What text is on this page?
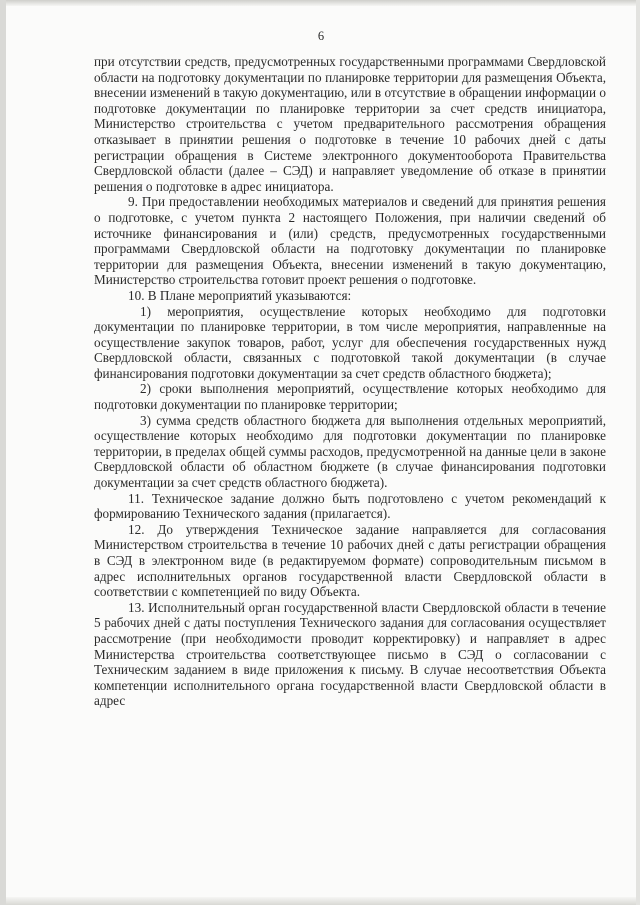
6

при отсутствии средств, предусмотренных государственными программами Свердловской области на подготовку документации по планировке территории для размещения Объекта, внесении изменений в такую документацию, или в отсутствие в обращении информации о подготовке документации по планировке территории за счет средств инициатора, Министерство строительства с учетом предварительного рассмотрения обращения отказывает в принятии решения о подготовке в течение 10 рабочих дней с даты регистрации обращения в Системе электронного документооборота Правительства Свердловской области (далее – СЭД) и направляет уведомление об отказе в принятии решения о подготовке в адрес инициатора.

9. При предоставлении необходимых материалов и сведений для принятия решения о подготовке, с учетом пункта 2 настоящего Положения, при наличии сведений об источнике финансирования и (или) средств, предусмотренных государственными программами Свердловской области на подготовку документации по планировке территории для размещения Объекта, внесении изменений в такую документацию, Министерство строительства готовит проект решения о подготовке.

10. В Плане мероприятий указываются:

1) мероприятия, осуществление которых необходимо для подготовки документации по планировке территории, в том числе мероприятия, направленные на осуществление закупок товаров, работ, услуг для обеспечения государственных нужд Свердловской области, связанных с подготовкой такой документации (в случае финансирования подготовки документации за счет средств областного бюджета);

2) сроки выполнения мероприятий, осуществление которых необходимо для подготовки документации по планировке территории;

3) сумма средств областного бюджета для выполнения отдельных мероприятий, осуществление которых необходимо для подготовки документации по планировке территории, в пределах общей суммы расходов, предусмотренной на данные цели в законе Свердловской области об областном бюджете (в случае финансирования подготовки документации за счет средств областного бюджета).

11. Техническое задание должно быть подготовлено с учетом рекомендаций к формированию Технического задания (прилагается).

12. До утверждения Техническое задание направляется для согласования Министерством строительства в течение 10 рабочих дней с даты регистрации обращения в СЭД в электронном виде (в редактируемом формате) сопроводительным письмом в адрес исполнительных органов государственной власти Свердловской области в соответствии с компетенцией по виду Объекта.

13. Исполнительный орган государственной власти Свердловской области в течение 5 рабочих дней с даты поступления Технического задания для согласования осуществляет рассмотрение (при необходимости проводит корректировку) и направляет в адрес Министерства строительства соответствующее письмо в СЭД о согласовании с Техническим заданием в виде приложения к письму. В случае несоответствия Объекта компетенции исполнительного органа государственной власти Свердловской области в адрес
